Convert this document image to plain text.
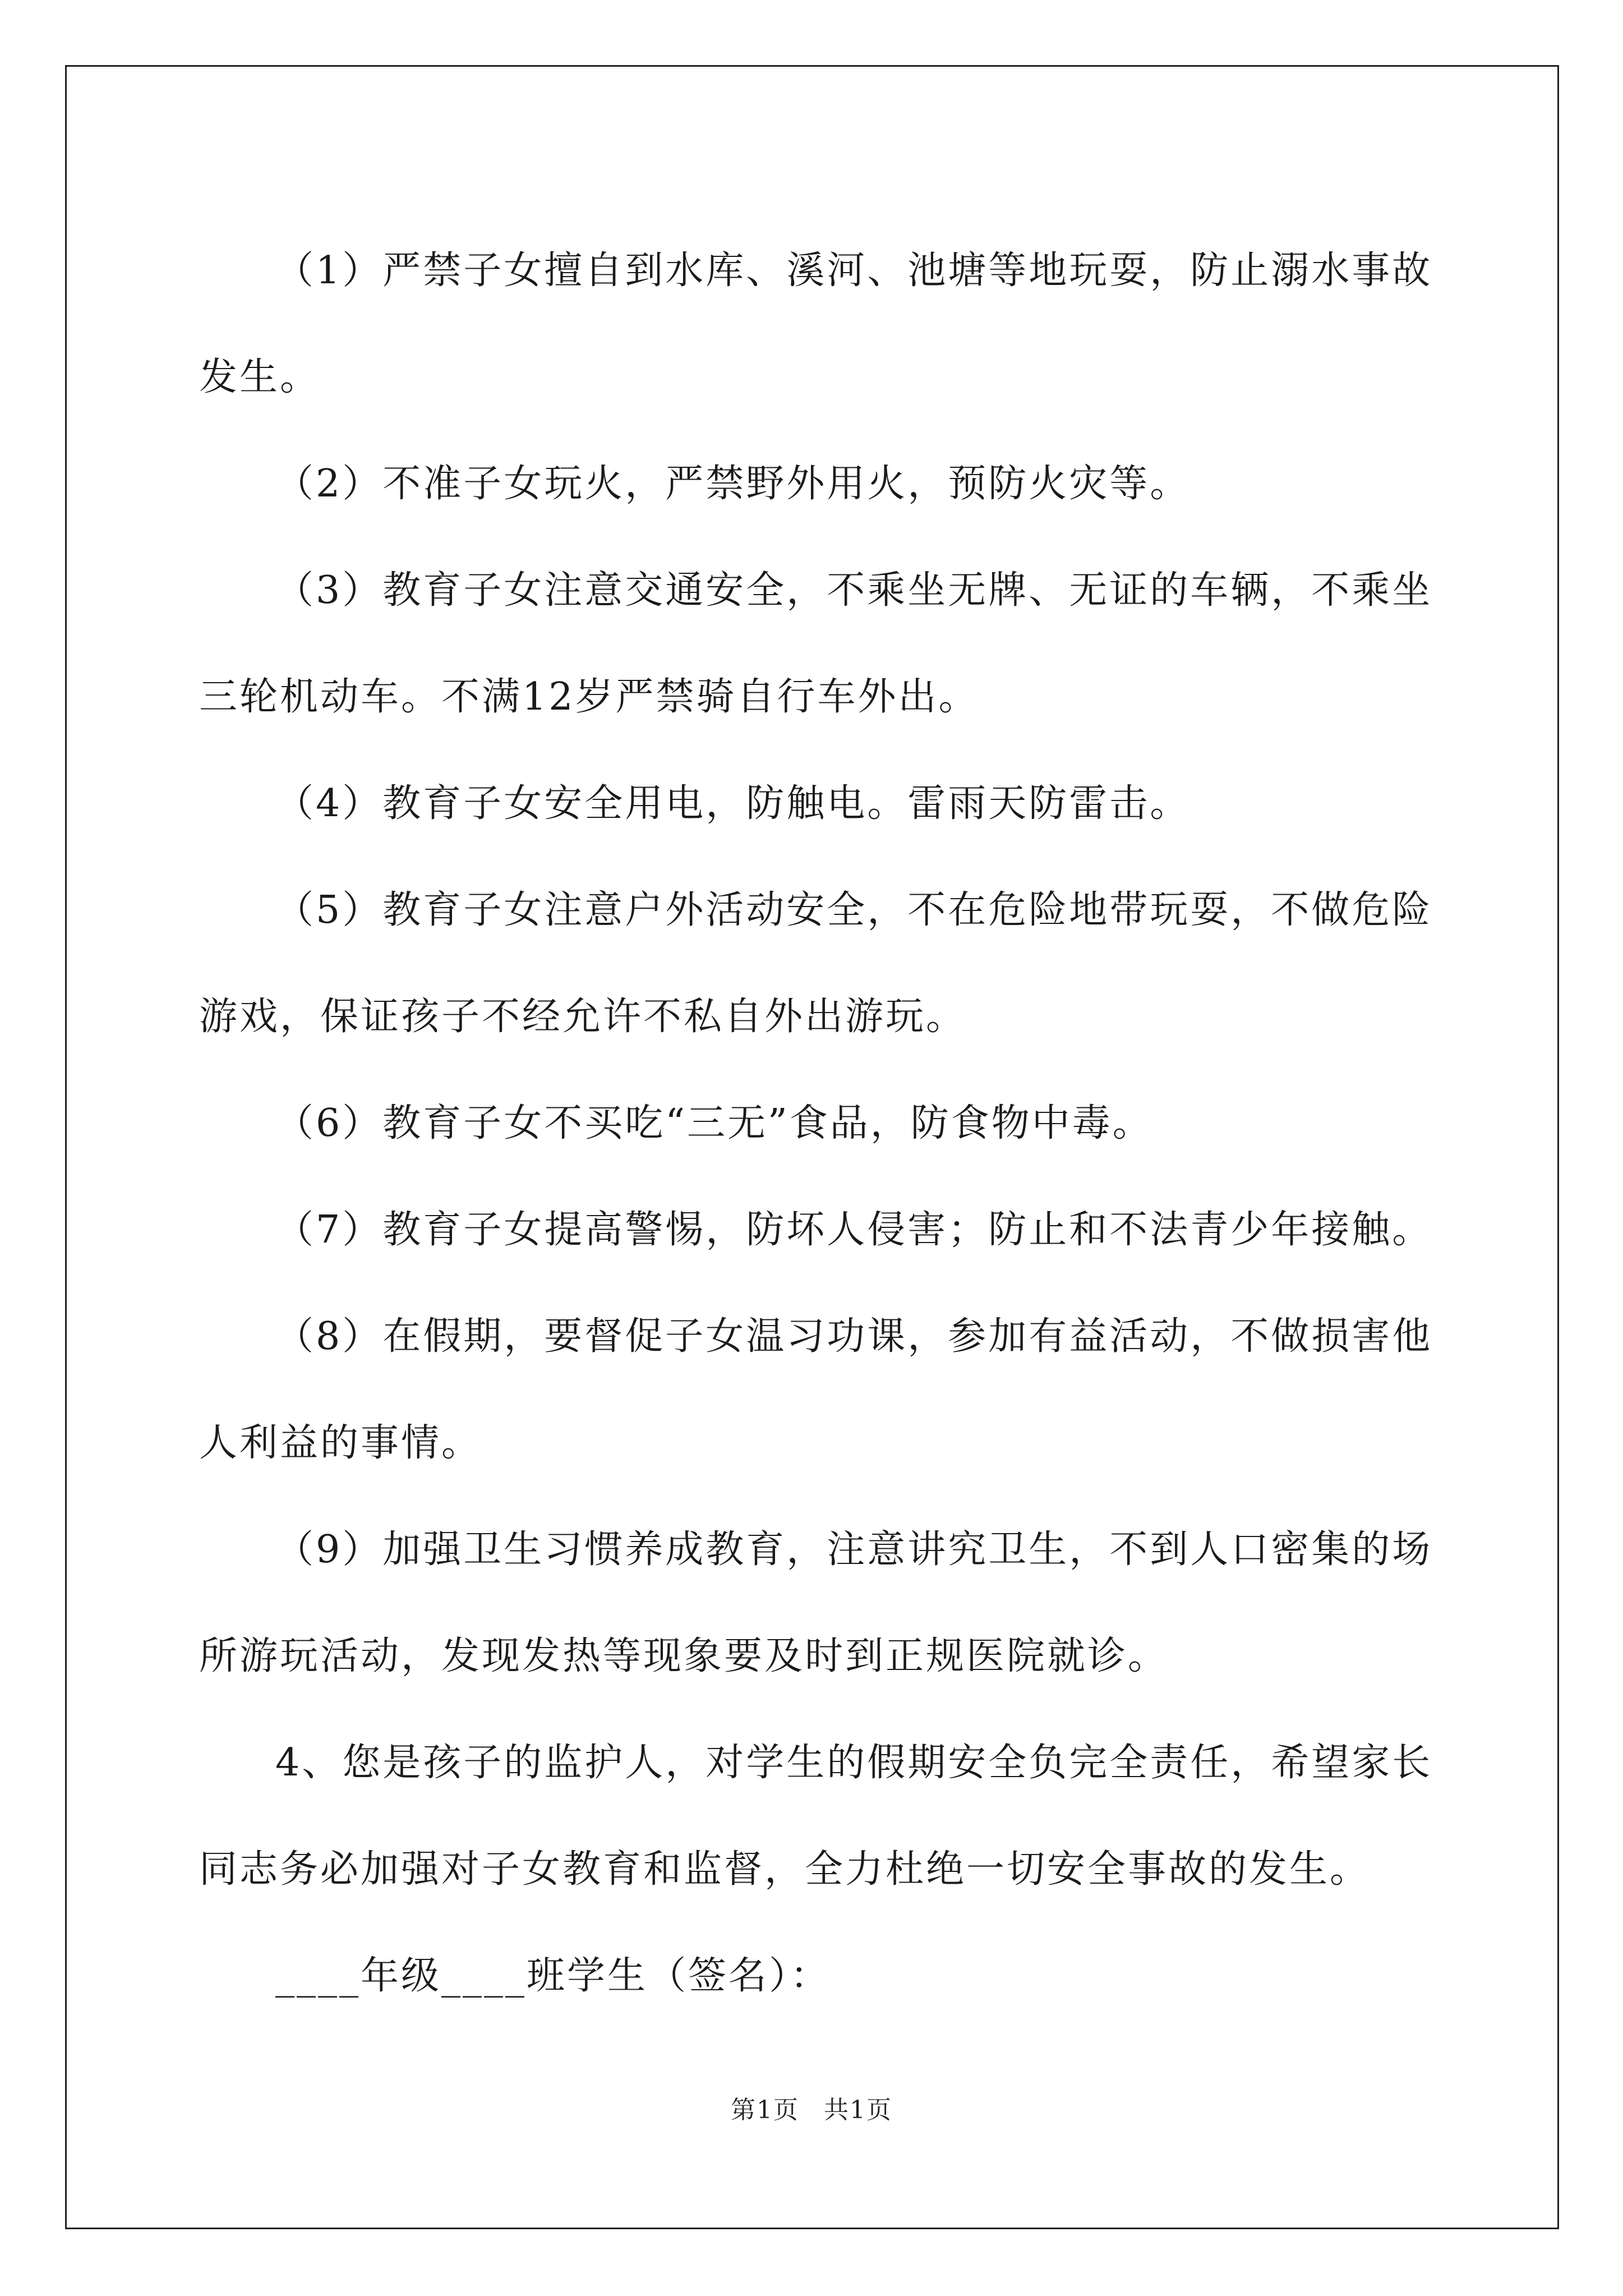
（1）严禁子女擅自到水库、溪河、池塘等地玩耍，防止溺水事故发生。

（2）不准子女玩火，严禁野外用火，预防火灾等。

（3）教育子女注意交通安全，不乘坐无牌、无证的车辆，不乘坐三轮机动车。不满12岁严禁骑自行车外出。

（4）教育子女安全用电，防触电。雷雨天防雷击。

（5）教育子女注意户外活动安全，不在危险地带玩耍，不做危险游戏，保证孩子不经允许不私自外出游玩。

（6）教育子女不买吃“三无”食品，防食物中毒。

（7）教育子女提高警惕，防坏人侵害；防止和不法青少年接触。

（8）在假期，要督促子女温习功课，参加有益活动，不做损害他人利益的事情。

（9）加强卫生习惯养成教育，注意讲究卫生，不到人口密集的场所游玩活动，发现发热等现象要及时到正规医院就诊。

4、您是孩子的监护人，对学生的假期安全负完全责任，希望家长同志务必加强对子女教育和监督，全力杜绝一切安全事故的发生。

____年级____班学生（签名）：

第1页 共1页
